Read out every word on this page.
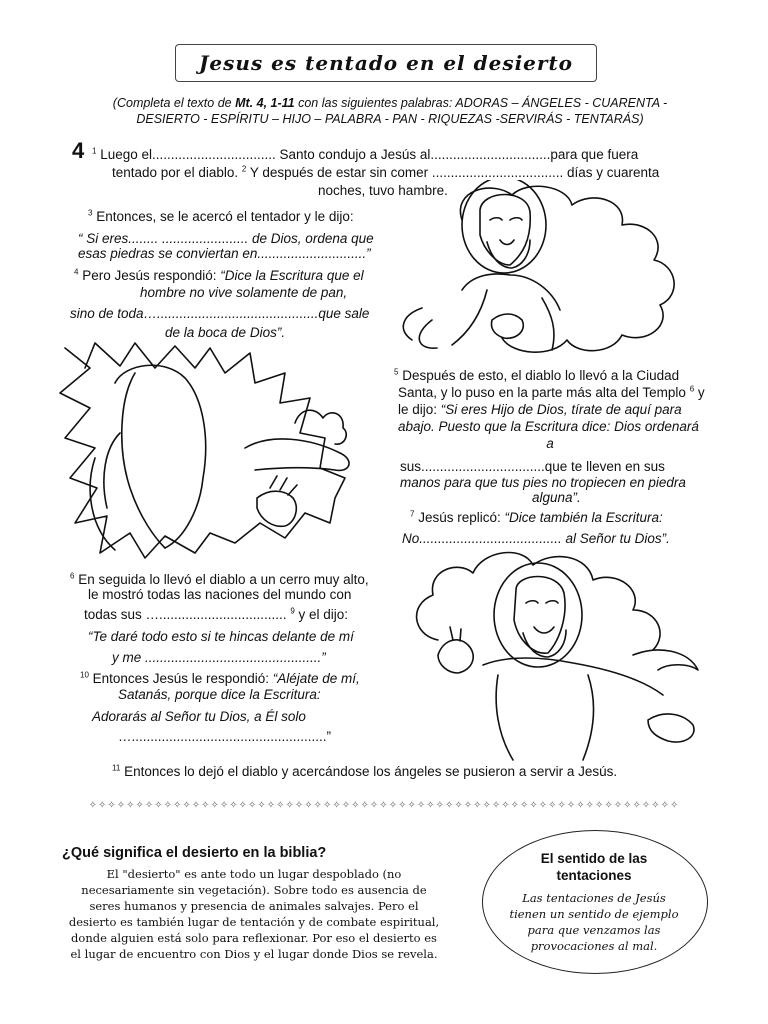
Jesus es tentado en el desierto
(Completa el texto de Mt. 4, 1-11 con las siguientes palabras: ADORAS – ÁNGELES - CUARENTA -
DESIERTO - ESPÍRITU – HIJO – PALABRA - PAN - RIQUEZAS -SERVIRÁS - TENTARÁS)
4 $^1$ Luego el................................. Santo condujo a Jesús al................................para que fuera
tentado por el diablo. $^2$ Y después de estar sin comer ................................... días y cuarenta
noches, tuvo hambre.
$^3$ Entonces, se le acercó el tentador y le dijo:
“ Si eres........ ....................... de Dios, ordena que
esas piedras se conviertan en.............................”
$^4$ Pero Jesús respondió: “Dice la Escritura que el
hombre no vive solamente de pan,
sino de toda…...........................................que sale
de la boca de Dios”.
$^5$ Después de esto, el diablo lo llevó a la Ciudad
Santa, y lo puso en la parte más alta del Templo $^6$ y
le dijo: “Si eres Hijo de Dios, tírate de aquí para
abajo. Puesto que la Escritura dice: Dios ordenará
a
sus.................................que te lleven en sus
manos para que tus pies no tropiecen en piedra
alguna”.
$^7$ Jesús replicó: “Dice también la Escritura:
No...................................... al Señor tu Dios”.
$^6$ En seguida lo llevó el diablo a un cerro muy alto,
le mostró todas las naciones del mundo con
todas sus ….................................. $^9$ y el dijo:
“Te daré todo esto si te hincas delante de mí
y me ...............................................”
$^{10}$ Entonces Jesús le respondió: “Aléjate de mí,
Satanás, porque dice la Escritura:
Adorarás al Señor tu Dios, a Él solo
…....................................................”
$^{11}$ Entonces lo dejó el diablo y acercándose los ángeles se pusieron a servir a Jesús.
✧✧✧✧✧✧✧✧✧✧✧✧✧✧✧✧✧✧✧✧✧✧✧✧✧✧✧✧✧✧✧✧✧✧✧✧✧✧✧✧✧✧✧✧✧✧✧✧✧✧✧✧✧✧✧✧✧✧✧✧✧✧✧
¿Qué significa el desierto en la biblia?
El "desierto" es ante todo un lugar despoblado (no
necesariamente sin vegetación). Sobre todo es ausencia de
seres humanos y presencia de animales salvajes. Pero el
desierto es también lugar de tentación y de combate espiritual,
donde alguien está solo para reflexionar. Por eso el desierto es
el lugar de encuentro con Dios y el lugar donde Dios se revela.
El sentido de las
tentaciones
Las tentaciones de Jesús
tienen un sentido de ejemplo
para que venzamos las
provocaciones al mal.
